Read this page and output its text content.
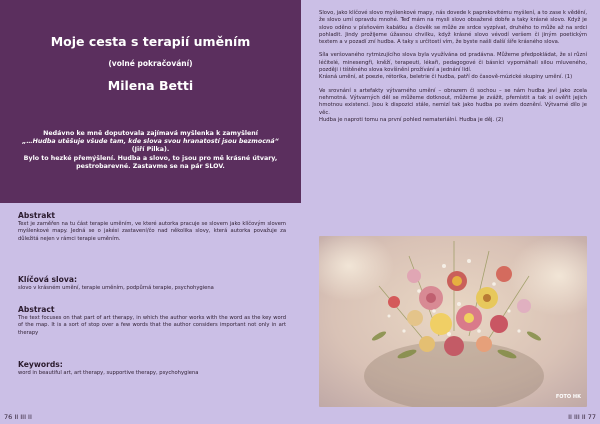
Moje cesta s terapií uměním
(volné pokračování)
Milena Betti
Nedávno ke mně doputovala zajímavá myšlenka k zamyšlení
„…Hudba utěšuje všude tam, kde slova svou hranatostí jsou bezmocná“ (Jiří Pilka).
Bylo to hezké přemýšlení. Hudba a slovo, to jsou pro mě krásné útvary, pestrobarevné. Zastavme se na pár SLOV.
Abstrakt

Text je zaměřen na tu část terapie uměním, ve které autorka pracuje se slovem jako klíčovým slovem myšlenkové mapy. Jedná se o jakési zastavení/čo nad několika slovy, která autorka považuje za důležitá nejen v rámci terapie uměním.

Klíčová slova:

slovo v krásném umění, terapie uměním, podpůrná terapie, psychohygiena

Abstract

The text focuses on that part of art therapy, in which the author works with the word as the key word of the map. It is a sort of stop over a few words that the author considers important not only in art therapy

Keywords:

word in beautiful art, art therapy, supportive therapy, psychohygiena

76 II III II

Slovo, jako klíčové slovo myšlenkové mapy, nás dovede k paprskovitému myšlení, a to zase k vědění, že slovo umí opravdu mnohé. Teď mám na mysli slovo obsažené dobře a taky krásné slovo. Když je slovo oděno v písňovém kabátku a člověk se může ze srdce vyzpívat, druhého to může až na srdci pohladit. Jindy prožijeme úžasnou chvilku, když krásné slovo vévodí veršem či jiným poetickým textem a v pozadí zní hudba. A taky s určitostí vím, že byste našli další šíře krásného slova.

Síla veršovaného rytmizujícího slova byla využívána od pradávna. Můžeme předpokládat, že si různí léčitelé, minesengři, kněží, terapeuti, lékaři, pedagogové či básníci vypomáhali silou mluveného, později i tištěného slova kovíšnění prožívání a jednání lidí.

Krásná umění, at poezie, rétorika, beletrie či hudba, patří do časově-múzické skupiny umění. (1)

Ve srovnání s artefakty výtvarného umění – obrazem či sochou – se nám hudba jeví jako zcela nehmotná. Výtvarných děl se můžeme dotknout, můžeme je zvážit, přemístit a tak si ověřit jejich hmotnou existenci. Jsou k dispozici stále, nemizí tak jako hudba po svém doznění. Výtvarné dílo je věc.

Hudba je naproti tomu na první pohled nemateriální. Hudba je děj. (2)

FOTO HK
II III II 77
